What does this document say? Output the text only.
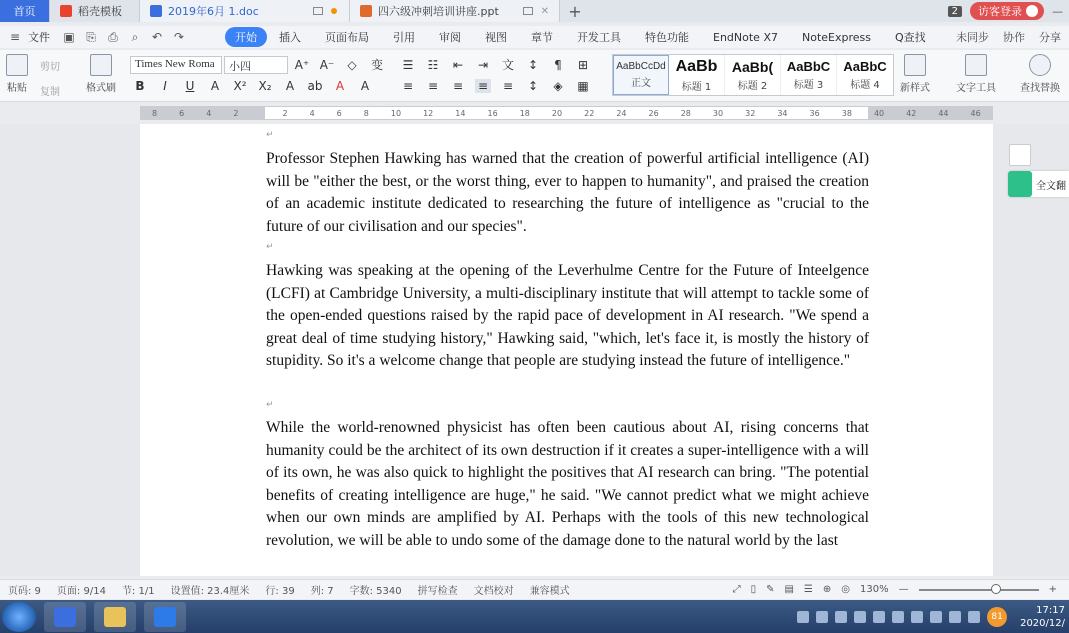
首页	稻壳模板	2019年6月 1.doc	四六级冲刺培训讲座.ppt	✕	+	2	访客登录	—
≡ 文件 ▣ ⎘	⎙	⌕	↶ ↷	开始	插入	页面布局	引用	审阅	视图	章节	开发工具	特色功能	EndNote X7	NoteExpress	Q查找	未同步 协作 分享
粘贴
剪切
复制	格式刷
Times New Roma	小四	A⁺ A⁻ ◇ 变
B	I	U	A	X² X₂	A	ab	A	A
☰ ☷ ⇤ ⇥ 文 ↕	¶	⊞
≡ ≡ ≡ ≡ ≡ ↕ ◈ ▦
AaBbCcDd
正文
AaBb
标题 1
AaBb(
标题 2
AaBbC
标题 3
AaBbC
标题 4 新样式	文字工具 查找替换
8	6	4	2	2	4	6	8	10	12	14	16	18	20	22	24	26	28	30	32	34	36	38	40	42	44	46
↵

Professor Stephen Hawking has warned that the creation of powerful artificial intelligence (AI) will be "either the best, or the worst thing, ever to happen to humanity", and praised the creation of an academic institute dedicated to researching the future of intelligence as "crucial to the future of our civilisation and our species".

↵

Hawking was speaking at the opening of the Leverhulme Centre for the Future of Inteelgence (LCFI) at Cambridge University, a multi-disciplinary institute that will attempt to tackle some of the open-ended questions raised by the rapid pace of development in AI research. "We spend a great deal of time studying history," Hawking said, "which, let's face it, is mostly the history of stupidity. So it's a welcome change that people are studying instead the future of intelligence."

↵

While the world-renowned physicist has often been cautious about AI, rising concerns that humanity could be the architect of its own destruction if it creates a super-intelligence with a will of its own, he was also quick to highlight the positives that AI research can bring. "The potential benefits of creating intelligence are huge," he said. "We cannot predict what we might achieve when our own minds are amplified by AI. Perhaps with the tools of this new technological revolution, we will be able to undo some of the damage done to the natural world by the last

全文翻
页码: 9	页面: 9/14	节: 1/1	设置值: 23.4厘米	行: 39	列: 7	字数: 5340	拼写检查	文档校对	兼容模式	⤢ ▯ ✎ ▤ ☰ ⊕ ◎ 130% —	+
81
17:17
2020/12/
